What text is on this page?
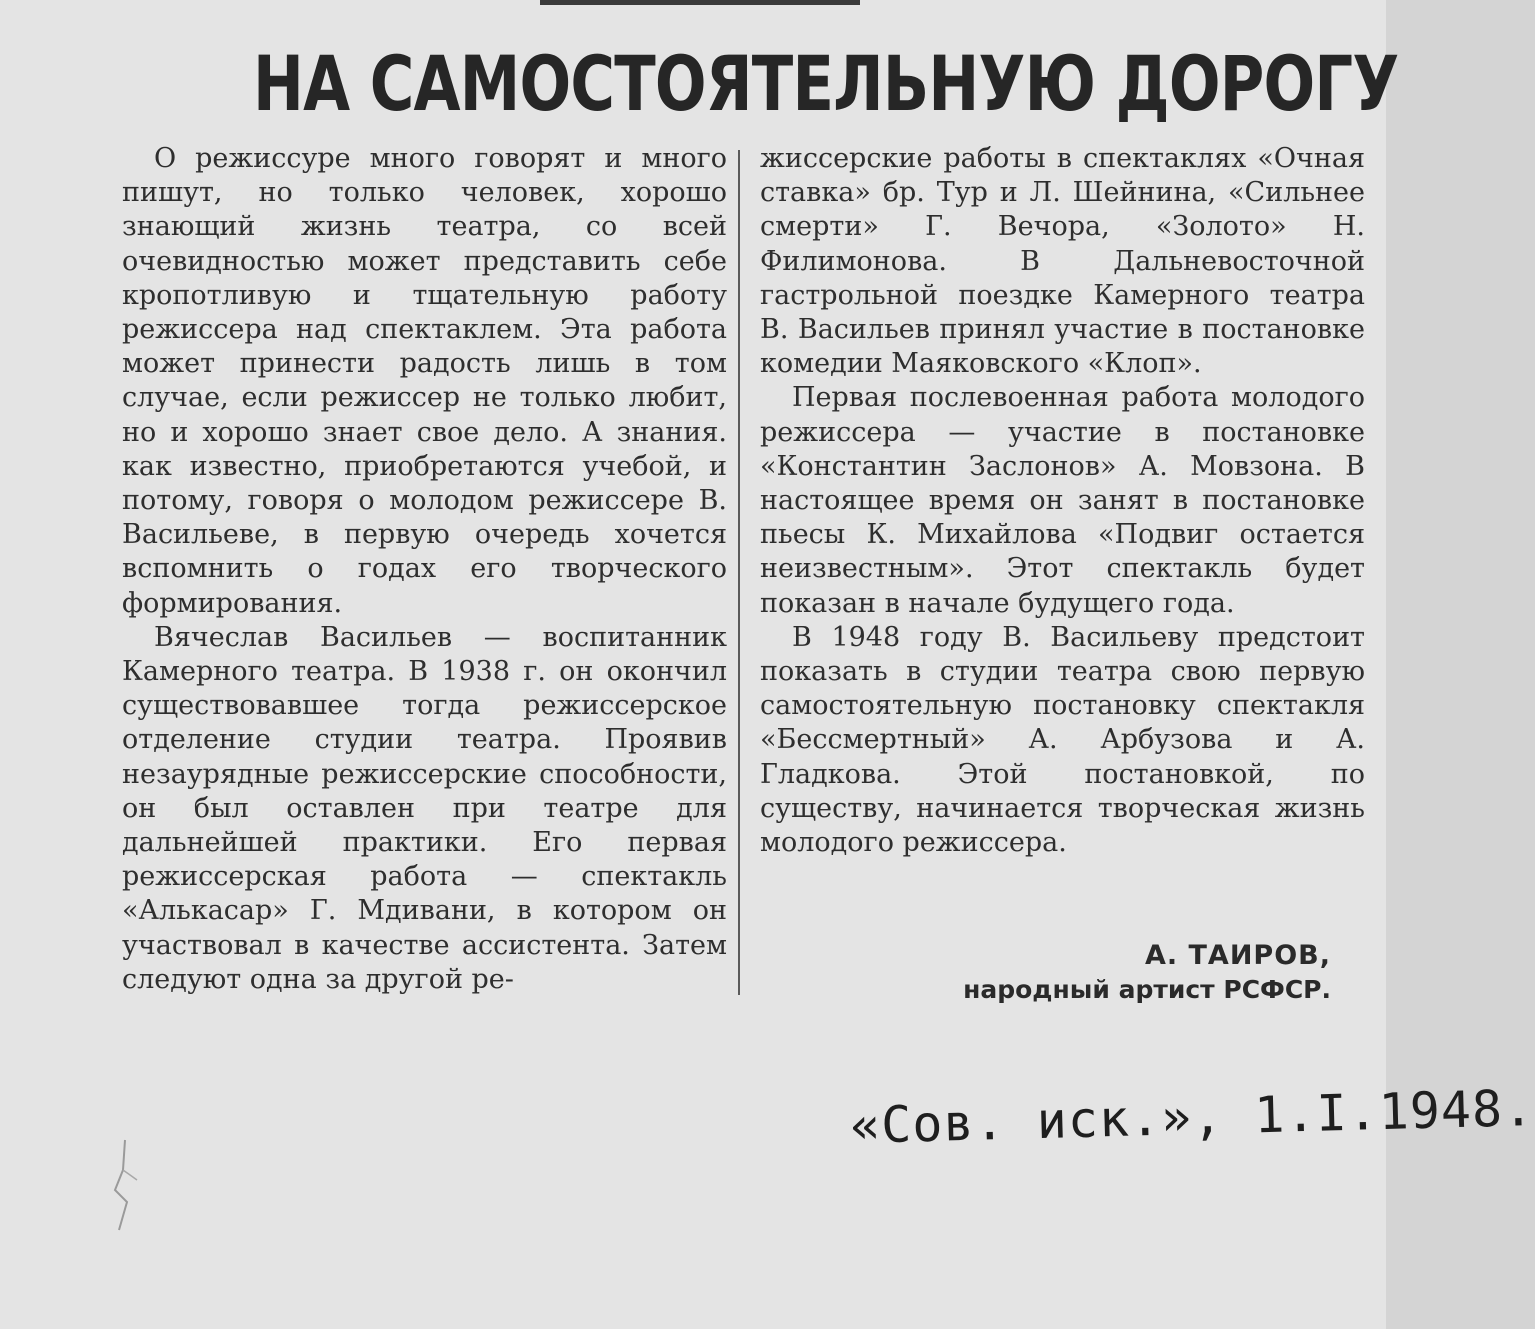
НА САМОСТОЯТЕЛЬНУЮ ДОРОГУ

О режиссуре много говорят и много пишут, но только человек, хорошо знающий жизнь театра, со всей очевидностью может представить себе кропотливую и тщательную работу режиссера над спектаклем. Эта работа может принести радость лишь в том случае, если режиссер не только любит, но и хорошо знает свое дело. А знания. как известно, приобретаются учебой, и потому, говоря о молодом режиссере В. Васильеве, в первую очередь хочется вспомнить о годах его творческого формирования.

Вячеслав Васильев — воспитанник Камерного театра. В 1938 г. он окончил существовавшее тогда режиссерское отделение студии театра. Проявив незаурядные режиссерские способности, он был оставлен при театре для дальнейшей практики. Его первая режиссерская работа — спектакль «Алькасар» Г. Мдивани, в котором он участвовал в качестве ассистента. Затем следуют одна за другой ре-

жиссерские работы в спектаклях «Очная ставка» бр. Тур и Л. Шейнина, «Сильнее смерти» Г. Вечора, «Золото» Н. Филимонова. В Дальневосточной гастрольной поездке Камерного театра В. Васильев принял участие в постановке комедии Маяковского «Клоп».

Первая послевоенная работа молодого режиссера — участие в постановке «Константин Заслонов» А. Мовзона. В настоящее время он занят в постановке пьесы К. Михайлова «Подвиг остается неизвестным». Этот спектакль будет показан в начале будущего года.

В 1948 году В. Васильеву предстоит показать в студии театра свою первую самостоятельную постановку спектакля «Бессмертный» А. Арбузова и А. Гладкова. Этой постановкой, по существу, начинается творческая жизнь молодого режиссера.

А. ТАИРОВ,

народный артист РСФСР.

«Сов. иск.», 1.I.1948.
